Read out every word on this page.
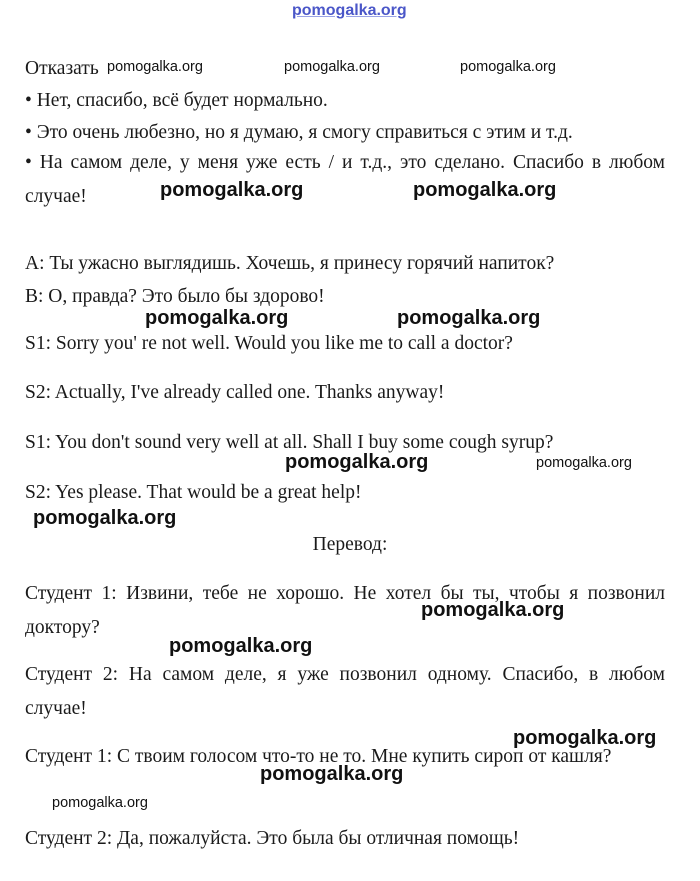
pomogalka.org

Отказать

• Нет, спасибо, всё будет нормально.

• Это очень любезно, но я думаю, я смогу справиться с этим и т.д.

• На самом деле, у меня уже есть / и т.д., это сделано. Спасибо в любом случае!

А: Ты ужасно выглядишь. Хочешь, я принесу горячий напиток?

В: О, правда? Это было бы здорово!

S1: Sorry you' re not well. Would you like me to call a doctor?

S2: Actually, I've already called one. Thanks anyway!

S1: You don't sound very well at all. Shall I buy some cough syrup?

S2: Yes please. That would be a great help!

Перевод:

Студент 1: Извини, тебе не хорошо. Не хотел бы ты, чтобы я позвонил доктору?

Студент 2: На самом деле, я уже позвонил одному. Спасибо, в любом случае!

Студент 1: С твоим голосом что-то не то. Мне купить сироп от кашля?

Студент 2: Да, пожалуйста. Это была бы отличная помощь!

pomogalka.org	pomogalka.org	pomogalka.org
pomogalka.org	pomogalka.org
pomogalka.org	pomogalka.org
pomogalka.org	pomogalka.org
pomogalka.org
pomogalka.org
pomogalka.org
pomogalka.org
pomogalka.org
pomogalka.org
